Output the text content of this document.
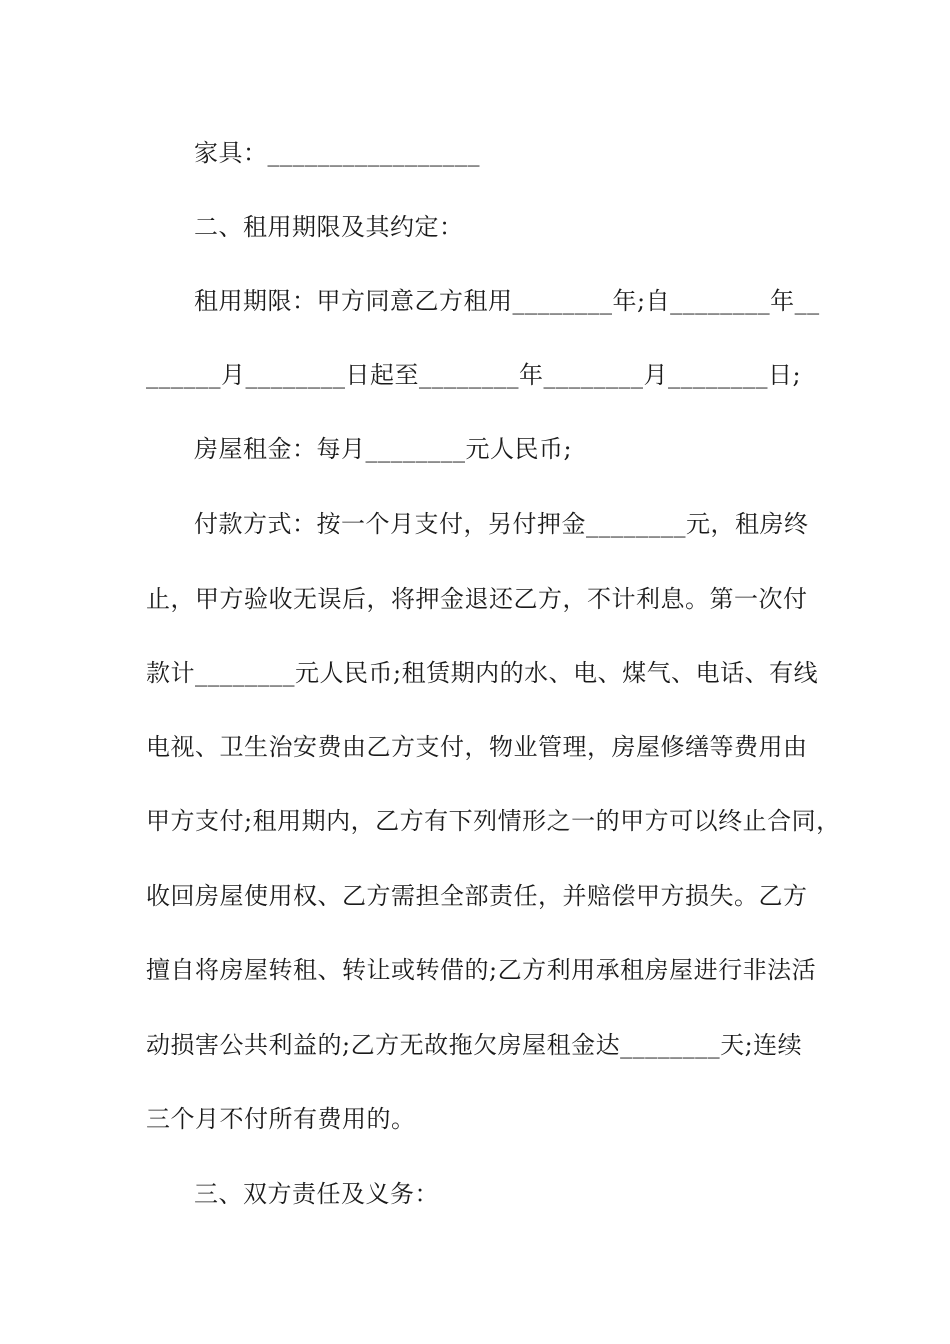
家具：_________________
二、租用期限及其约定：
租用期限：甲方同意乙方租用________年;自________年__
______月________日起至________年________月________日;
房屋租金：每月________元人民币;
付款方式：按一个月支付，另付押金________元，租房终
止，甲方验收无误后，将押金退还乙方，不计利息。第一次付
款计________元人民币;租赁期内的水、电、煤气、电话、有线
电视、卫生治安费由乙方支付，物业管理，房屋修缮等费用由
甲方支付;租用期内，乙方有下列情形之一的甲方可以终止合同，
收回房屋使用权、乙方需担全部责任，并赔偿甲方损失。乙方
擅自将房屋转租、转让或转借的;乙方利用承租房屋进行非法活
动损害公共利益的;乙方无故拖欠房屋租金达________天;连续
三个月不付所有费用的。
三、双方责任及义务：
